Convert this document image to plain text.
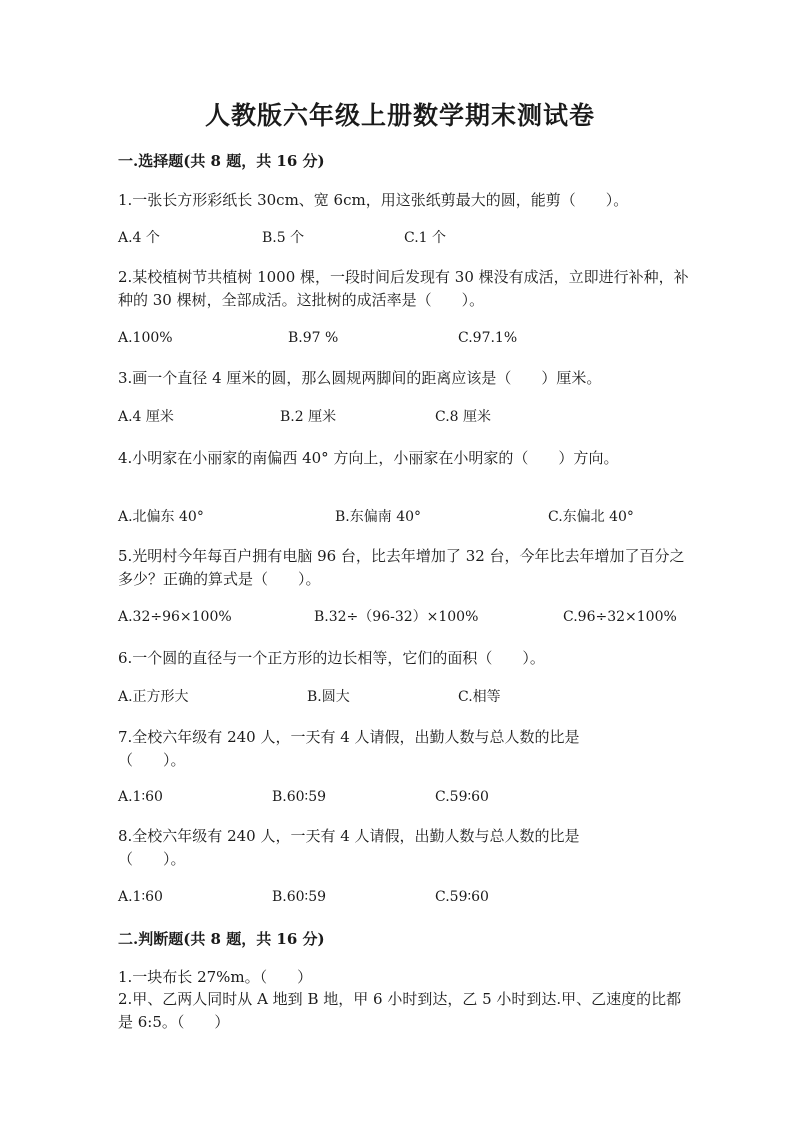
人教版六年级上册数学期末测试卷
一.选择题(共 8 题，共 16 分)
1.一张长方形彩纸长 30cm、宽 6cm，用这张纸剪最大的圆，能剪（　　）。
A.4 个	B.5 个	C.1 个
2.某校植树节共植树 1000 棵，一段时间后发现有 30 棵没有成活，立即进行补种，补种的 30 棵树，全部成活。这批树的成活率是（　　）。
A.100%	B.97 %	C.97.1%
3.画一个直径 4 厘米的圆，那么圆规两脚间的距离应该是（　　）厘米。
A.4 厘米	B.2 厘米	C.8 厘米
4.小明家在小丽家的南偏西 40° 方向上，小丽家在小明家的（　　）方向。
A.北偏东 40°	B.东偏南 40°	C.东偏北 40°
5.光明村今年每百户拥有电脑 96 台，比去年增加了 32 台，今年比去年增加了百分之多少？正确的算式是（　　）。
A.32÷96×100%	B.32÷（96-32）×100%	C.96÷32×100%
6.一个圆的直径与一个正方形的边长相等，它们的面积（　　）。
A.正方形大	B.圆大	C.相等
7.全校六年级有 240 人，一天有 4 人请假，出勤人数与总人数的比是（　　）。
A.1∶60	B.60∶59	C.59∶60
8.全校六年级有 240 人，一天有 4 人请假，出勤人数与总人数的比是（　　）。
A.1∶60	B.60∶59	C.59∶60
二.判断题(共 8 题，共 16 分)
1.一块布长 27%m。（　　）
2.甲、乙两人同时从 A 地到 B 地，甲 6 小时到达，乙 5 小时到达.甲、乙速度的比都是 6:5。（　　）
